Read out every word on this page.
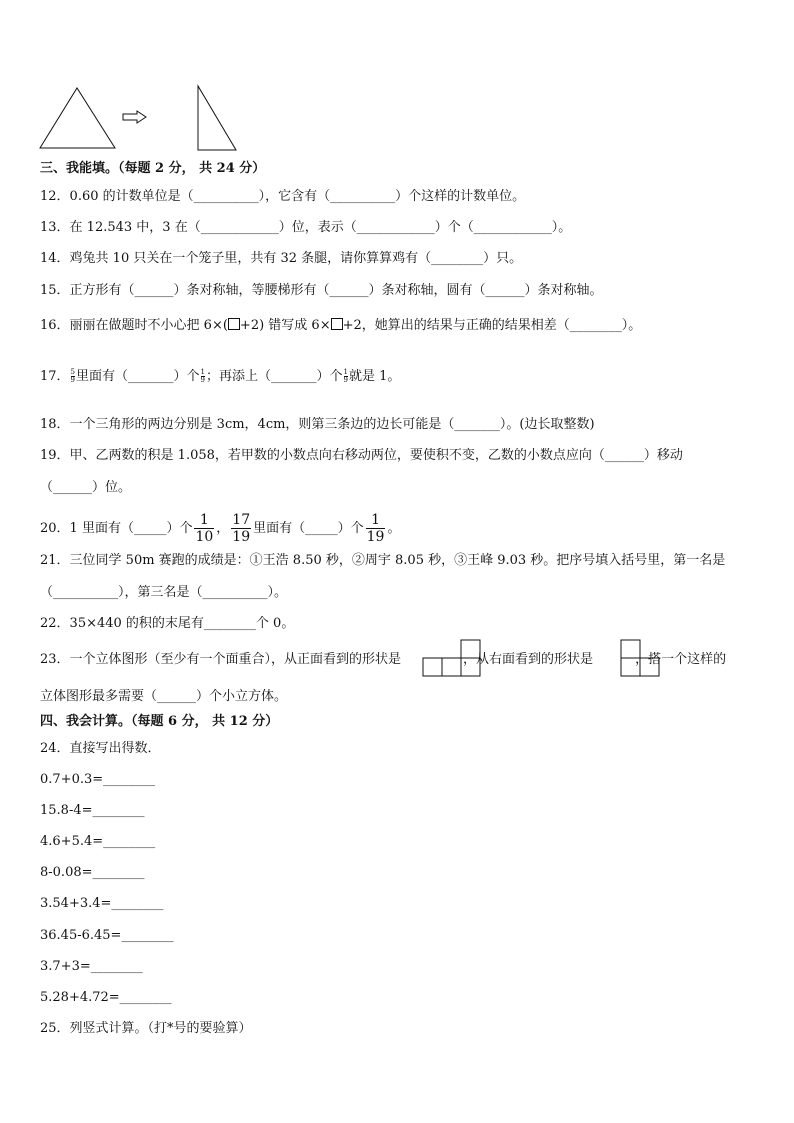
三、我能填。（每题 2 分， 共 24 分）
12．0.60 的计数单位是（__________），它含有（__________）个这样的计数单位。
13．在 12.543 中，3 在（____________）位，表示（____________）个（____________）。
14．鸡兔共 10 只关在一个笼子里，共有 32 条腿，请你算算鸡有（________）只。
15．正方形有（______）条对称轴，等腰梯形有（______）条对称轴，圆有（______）条对称轴。
16．丽丽在做题时不小心把 6×( +2) 错写成 6× +2，她算出的结果与正确的结果相差（________）。
17． $\frac{5}{9}$ 里面有（_______）个 $\frac{1}{9}$ ；再添上（_______）个 $\frac{1}{9}$ 就是 1。
18．一个三角形的两边分别是 3cm，4cm，则第三条边的边长可能是（_______）。(边长取整数)
19．甲、乙两数的积是 1.058，若甲数的小数点向右移动两位，要使积不变，乙数的小数点应向（______）移动
（______）位。
20．1 里面有（_____）个 $\frac{1}{10}$ ， $\frac{17}{19}$ 里面有（_____）个 $\frac{1}{19}$ 。
21．三位同学 50m 赛跑的成绩是：①王浩 8.50 秒，②周宇 8.05 秒，③王峰 9.03 秒。把序号填入括号里，第一名是
（__________），第三名是（__________）。
22．35×440 的积的末尾有________个 0。
23．一个立体图形（至少有一个面重合），从正面看到的形状是	，从右面看到的形状是	，搭一个这样的
立体图形最多需要（______）个小立方体。
四、我会计算。（每题 6 分， 共 12 分）
24．直接写出得数．
0.7+0.3=________
15.8-4=________
4.6+5.4=________
8-0.08=________
3.54+3.4=________
36.45-6.45=________
3.7+3=________
5.28+4.72=________
25．列竖式计算。（打*号的要验算）
